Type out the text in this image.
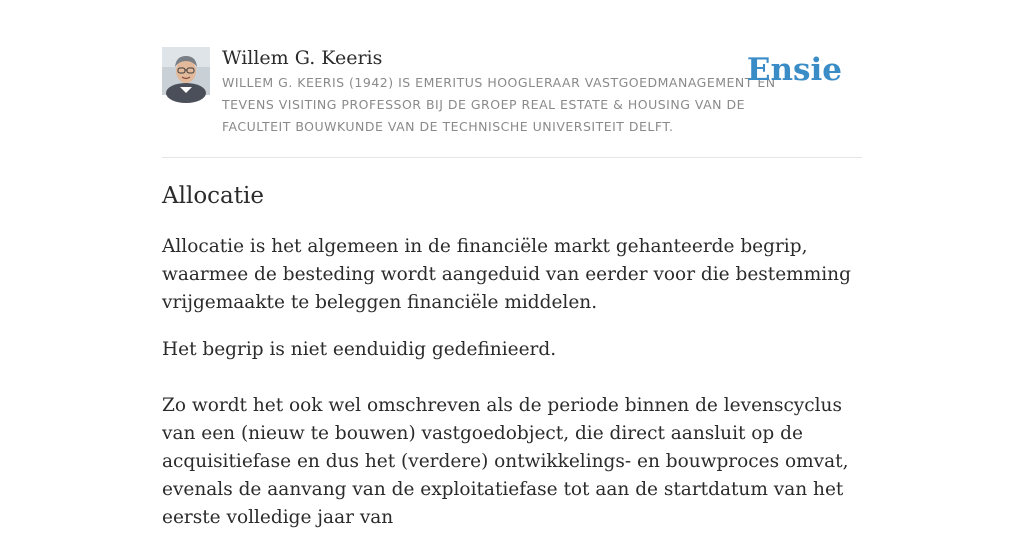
Willem G. Keeris
WILLEM G. KEERIS (1942) IS EMERITUS HOOGLERAAR VASTGOEDMANAGEMENT EN TEVENS VISITING PROFESSOR BIJ DE GROEP REAL ESTATE & HOUSING VAN DE FACULTEIT BOUWKUNDE VAN DE TECHNISCHE UNIVERSITEIT DELFT.
Ensie
Allocatie

Allocatie is het algemeen in de financiële markt gehanteerde begrip, waarmee de besteding wordt aangeduid van eerder voor die bestemming vrijgemaakte te beleggen financiële middelen.

Het begrip is niet eenduidig gedefinieerd.

Zo wordt het ook wel omschreven als de periode binnen de levenscyclus van een (nieuw te bouwen) vastgoedobject, die direct aansluit op de acquisitiefase en dus het (verdere) ontwikkelings- en bouwproces omvat, evenals de aanvang van de exploitatiefase tot aan de startdatum van het eerste volledige jaar van
